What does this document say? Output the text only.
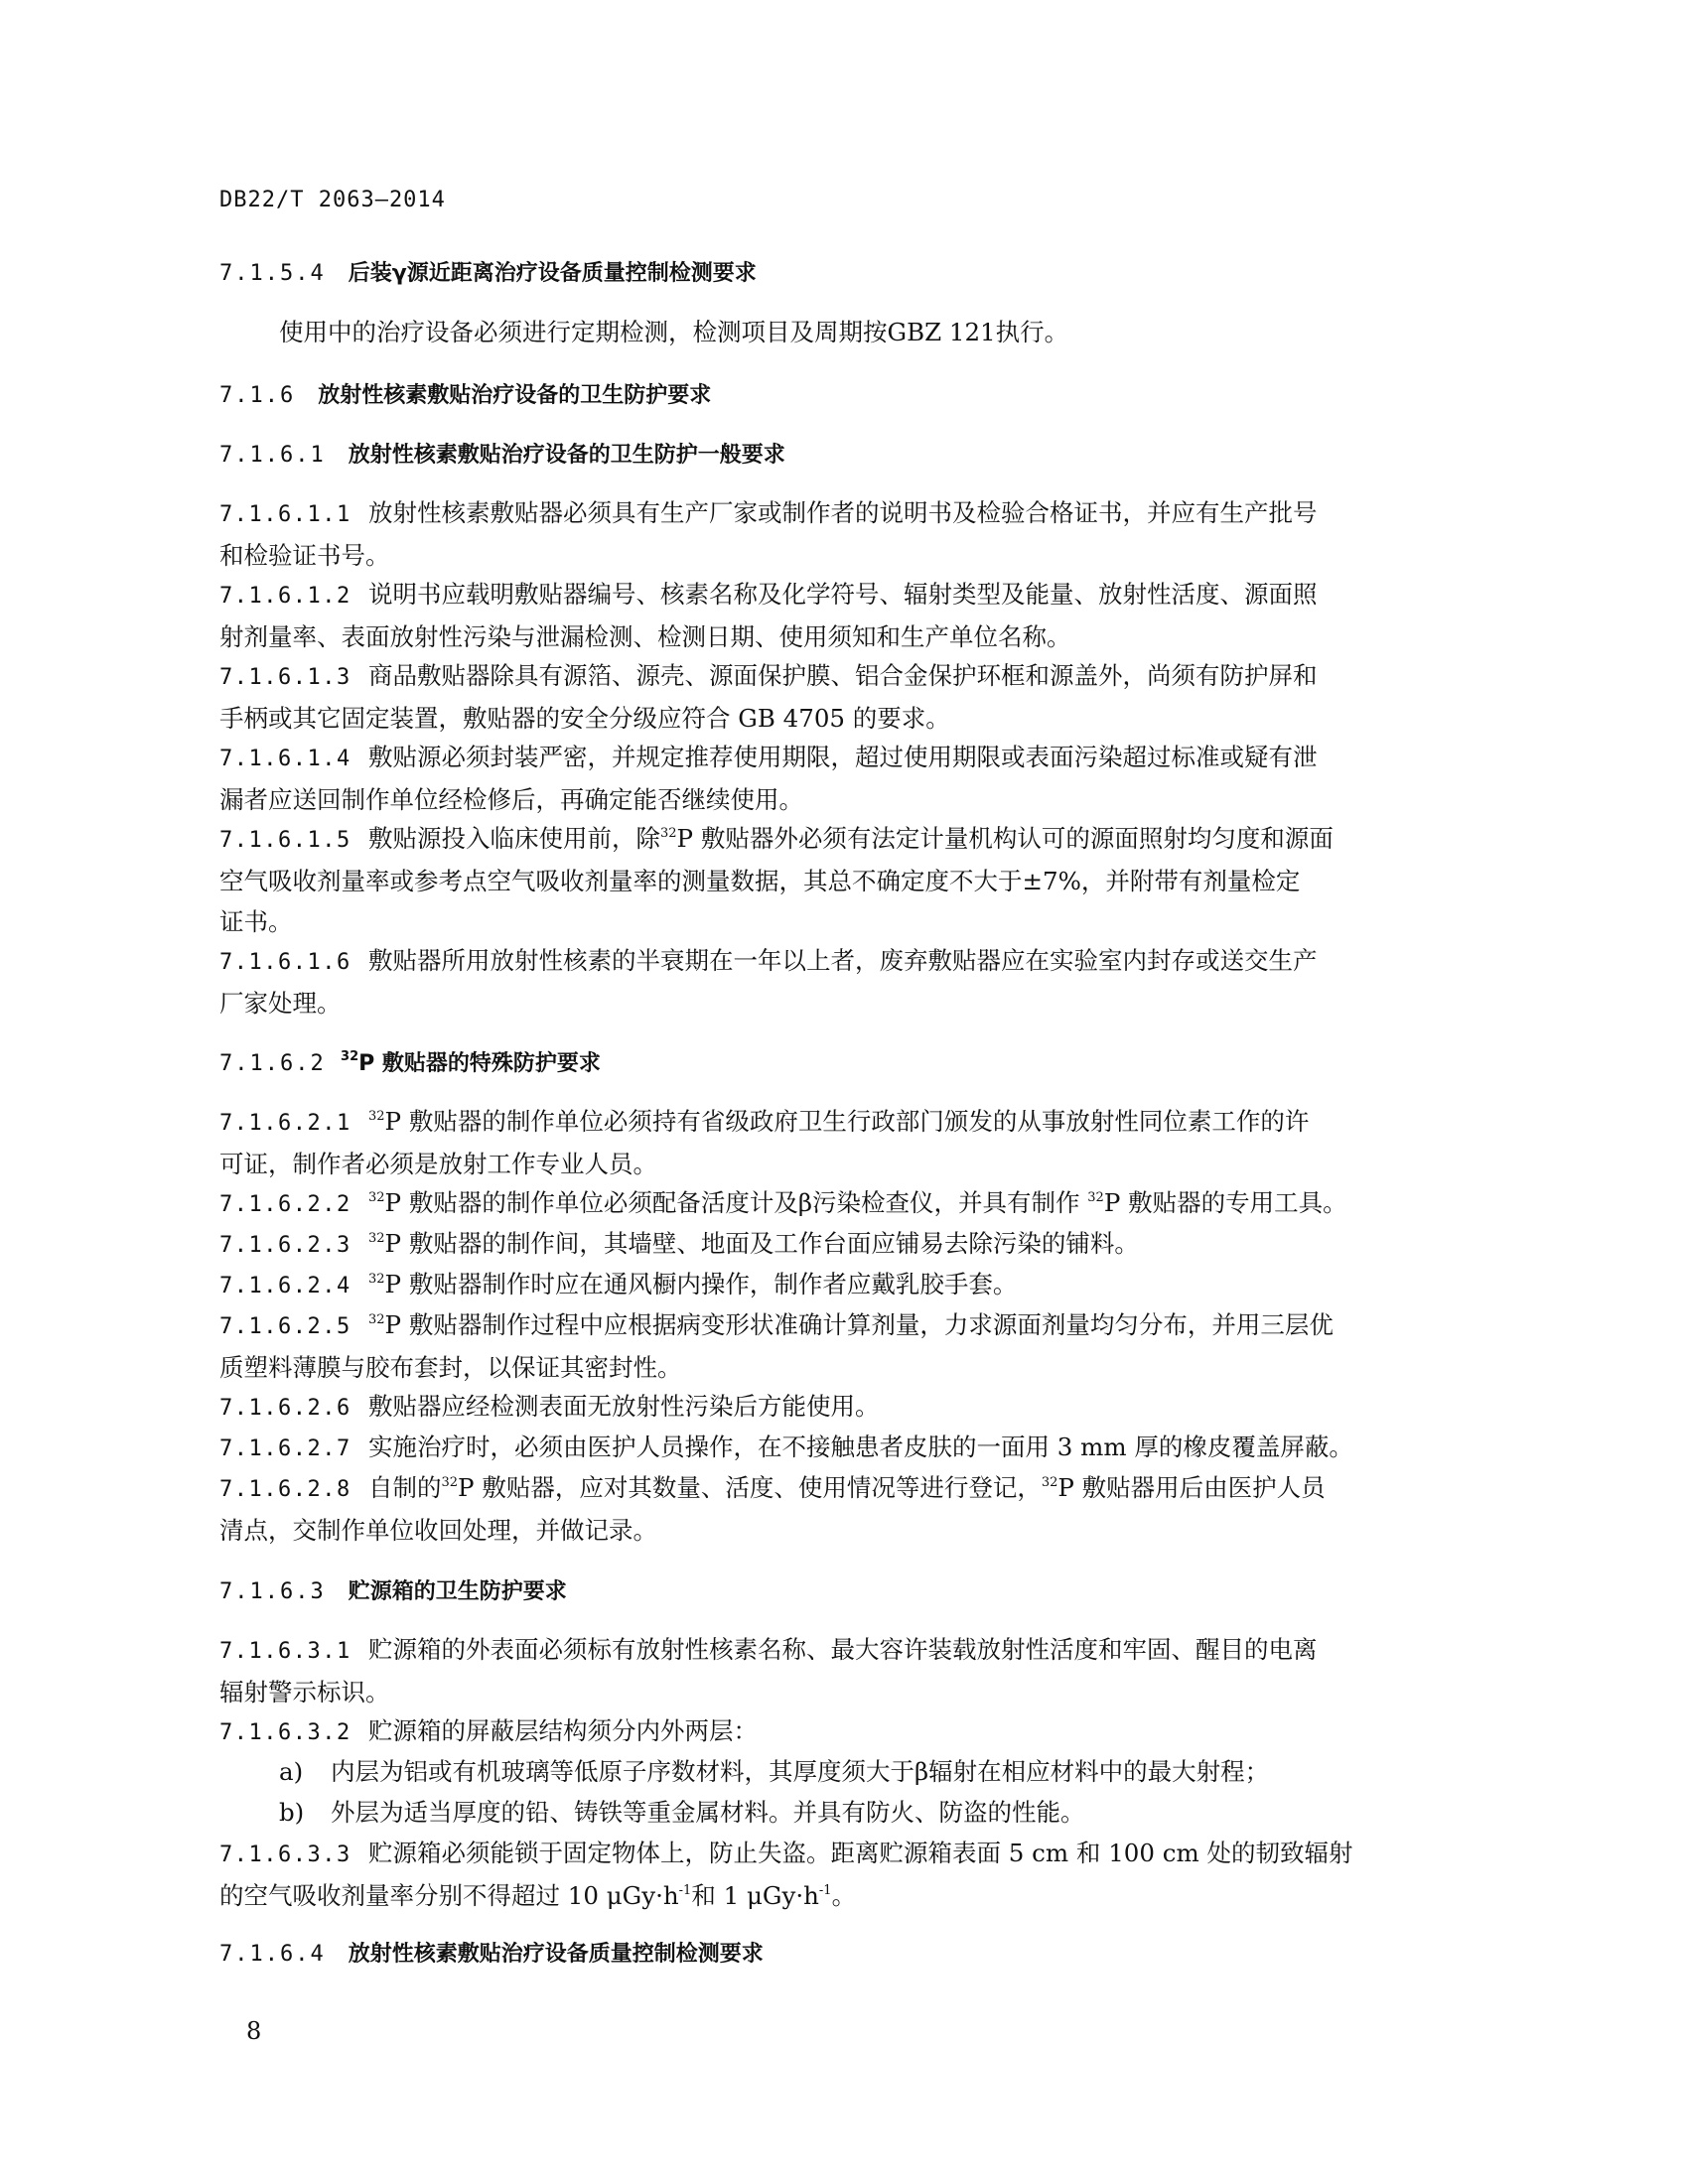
DB22/T 2063—2014
7.1.5.4 后装γ源近距离治疗设备质量控制检测要求
使用中的治疗设备必须进行定期检测，检测项目及周期按GBZ 121执行。
7.1.6 放射性核素敷贴治疗设备的卫生防护要求
7.1.6.1 放射性核素敷贴治疗设备的卫生防护一般要求
7.1.6.1.1 放射性核素敷贴器必须具有生产厂家或制作者的说明书及检验合格证书，并应有生产批号
和检验证书号。
7.1.6.1.2 说明书应载明敷贴器编号、核素名称及化学符号、辐射类型及能量、放射性活度、源面照
射剂量率、表面放射性污染与泄漏检测、检测日期、使用须知和生产单位名称。
7.1.6.1.3 商品敷贴器除具有源箔、源壳、源面保护膜、铝合金保护环框和源盖外，尚须有防护屏和
手柄或其它固定装置，敷贴器的安全分级应符合 GB 4705 的要求。
7.1.6.1.4 敷贴源必须封装严密，并规定推荐使用期限，超过使用期限或表面污染超过标准或疑有泄
漏者应送回制作单位经检修后，再确定能否继续使用。
7.1.6.1.5 敷贴源投入临床使用前，除$^{32}$P 敷贴器外必须有法定计量机构认可的源面照射均匀度和源面
空气吸收剂量率或参考点空气吸收剂量率的测量数据，其总不确定度不大于±7%，并附带有剂量检定
证书。
7.1.6.1.6 敷贴器所用放射性核素的半衰期在一年以上者，废弃敷贴器应在实验室内封存或送交生产
厂家处理。
7.1.6.2 $^{32}$P 敷贴器的特殊防护要求
7.1.6.2.1 $^{32}$P 敷贴器的制作单位必须持有省级政府卫生行政部门颁发的从事放射性同位素工作的许
可证，制作者必须是放射工作专业人员。
7.1.6.2.2 $^{32}$P 敷贴器的制作单位必须配备活度计及β污染检查仪，并具有制作 $^{32}$P 敷贴器的专用工具。
7.1.6.2.3 $^{32}$P 敷贴器的制作间，其墙壁、地面及工作台面应铺易去除污染的铺料。
7.1.6.2.4 $^{32}$P 敷贴器制作时应在通风橱内操作，制作者应戴乳胶手套。
7.1.6.2.5 $^{32}$P 敷贴器制作过程中应根据病变形状准确计算剂量，力求源面剂量均匀分布，并用三层优
质塑料薄膜与胶布套封，以保证其密封性。
7.1.6.2.6 敷贴器应经检测表面无放射性污染后方能使用。
7.1.6.2.7 实施治疗时，必须由医护人员操作，在不接触患者皮肤的一面用 3 mm 厚的橡皮覆盖屏蔽。
7.1.6.2.8 自制的$^{32}$P 敷贴器，应对其数量、活度、使用情况等进行登记，$^{32}$P 敷贴器用后由医护人员
清点，交制作单位收回处理，并做记录。
7.1.6.3 贮源箱的卫生防护要求
7.1.6.3.1 贮源箱的外表面必须标有放射性核素名称、最大容许装载放射性活度和牢固、醒目的电离
辐射警示标识。
7.1.6.3.2 贮源箱的屏蔽层结构须分内外两层：
a) 内层为铝或有机玻璃等低原子序数材料，其厚度须大于β辐射在相应材料中的最大射程；
b) 外层为适当厚度的铅、铸铁等重金属材料。并具有防火、防盗的性能。
7.1.6.3.3 贮源箱必须能锁于固定物体上，防止失盗。距离贮源箱表面 5 cm 和 100 cm 处的韧致辐射
的空气吸收剂量率分别不得超过 10 $\mu Gy\cdot h^{-1}$和 1 $\mu Gy\cdot h^{-1}$。
7.1.6.4 放射性核素敷贴治疗设备质量控制检测要求
8
